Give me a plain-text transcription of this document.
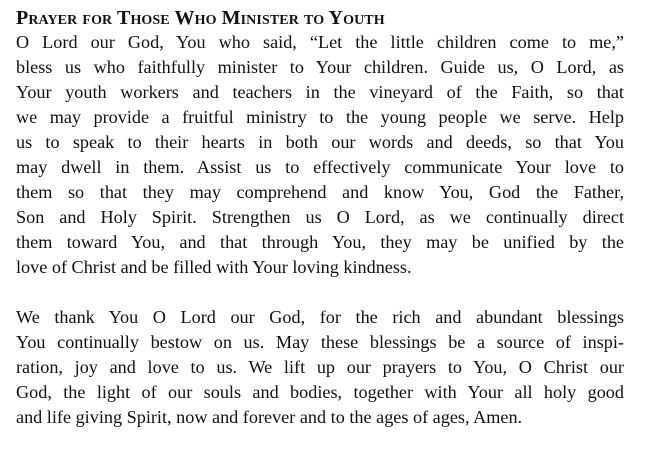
Prayer for Those Who Minister to Youth
O Lord our God, You who said, “Let the little children come to me,”
bless us who faithfully minister to Your children. Guide us, O Lord, as
Your youth workers and teachers in the vineyard of the Faith, so that
we may provide a fruitful ministry to the young people we serve. Help
us to speak to their hearts in both our words and deeds, so that You
may dwell in them. Assist us to effectively communicate Your love to
them so that they may comprehend and know You, God the Father,
Son and Holy Spirit. Strengthen us O Lord, as we continually direct
them toward You, and that through You, they may be unified by the
love of Christ and be filled with Your loving kindness.
We thank You O Lord our God, for the rich and abundant blessings
You continually bestow on us. May these blessings be a source of inspi-
ration, joy and love to us. We lift up our prayers to You, O Christ our
God, the light of our souls and bodies, together with Your all holy good
and life giving Spirit, now and forever and to the ages of ages, Amen.
